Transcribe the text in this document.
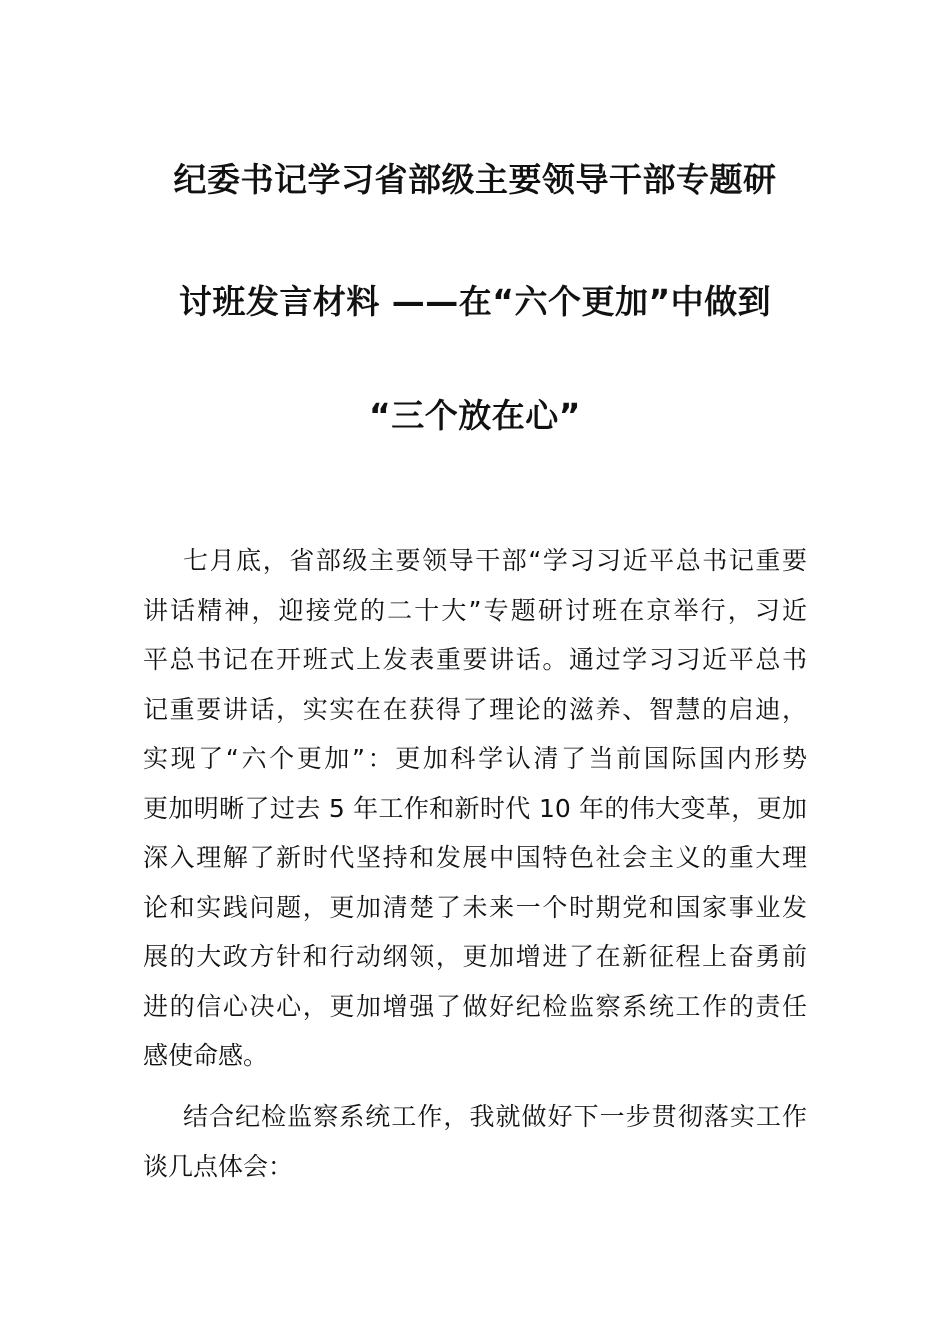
纪委书记学习省部级主要领导干部专题研
讨班发言材料 ——在“六个更加”中做到
“三个放在心”
七月底，省部级主要领导干部“学习习近平总书记重要
讲话精神，迎接党的二十大”专题研讨班在京举行，习近
平总书记在开班式上发表重要讲话。通过学习习近平总书
记重要讲话，实实在在获得了理论的滋养、智慧的启迪，
实现了“六个更加”：更加科学认清了当前国际国内形势
更加明晰了过去 5 年工作和新时代 10 年的伟大变革，更加
深入理解了新时代坚持和发展中国特色社会主义的重大理
论和实践问题，更加清楚了未来一个时期党和国家事业发
展的大政方针和行动纲领，更加增进了在新征程上奋勇前
进的信心决心，更加增强了做好纪检监察系统工作的责任
感使命感。
结合纪检监察系统工作，我就做好下一步贯彻落实工作
谈几点体会：
